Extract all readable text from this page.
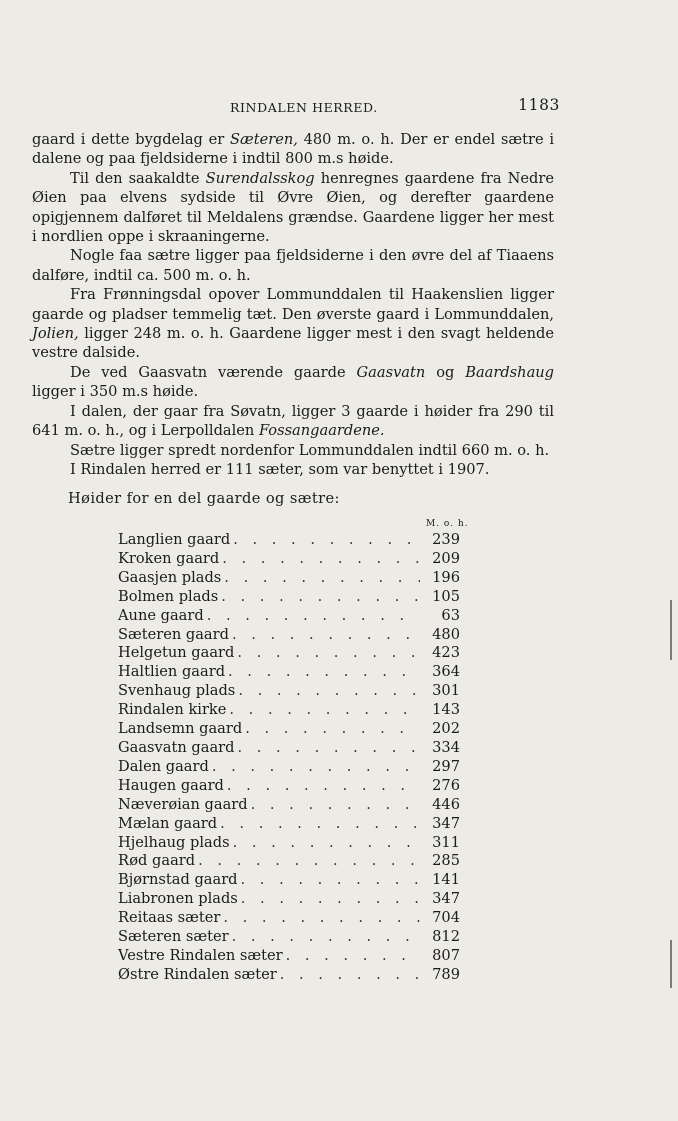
RINDALEN HERRED.	1183

gaard i dette bygdelag er Sæteren, 480 m. o. h. Der er endel sætre i dalene og paa fjeldsiderne i indtil 800 m.s høide.

Til den saakaldte Surendalsskog henregnes gaardene fra Nedre Øien paa elvens sydside til Øvre Øien, og derefter gaardene opigjennem dalføret til Meldalens grændse. Gaardene ligger her mest i nordlien oppe i skraaningerne.

Nogle faa sætre ligger paa fjeldsiderne i den øvre del af Tiaaens dalføre, indtil ca. 500 m. o. h.

Fra Frønningsdal opover Lommunddalen til Haakenslien ligger gaarde og pladser temmelig tæt. Den øverste gaard i Lommunddalen, Jolien, ligger 248 m. o. h. Gaardene ligger mest i den svagt heldende vestre dalside.

De ved Gaasvatn værende gaarde Gaasvatn og Baardshaug ligger i 350 m.s høide.

I dalen, der gaar fra Søvatn, ligger 3 gaarde i høider fra 290 til 641 m. o. h., og i Lerpolldalen Fossangaardene.

Sætre ligger spredt nordenfor Lommunddalen indtil 660 m. o. h.

I Rindalen herred er 111 sæter, som var benyttet i 1907.

Høider for en del gaarde og sætre:
M. o. h.
Langlien gaard . . .	239
Kroken gaard . . .	209
Gaasjen plads . . .	196
Bolmen plads . . .	105
Aune gaard . . .	63
Sæteren gaard . . .	480
Helgetun gaard . . .	423
Haltlien gaard . . .	364
Svenhaug plads . . .	301
Rindalen kirke . . .	143
Landsemn gaard . . .	202
Gaasvatn gaard . . .	334
Dalen gaard . . .	297
Haugen gaard . . .	276
Næverøian gaard . . .	446
Mælan gaard . . .	347
Hjelhaug plads . . .	311
Rød gaard . . .	285
Bjørnstad gaard . . .	141
Liabronen plads . . .	347
Reitaas sæter . . .	704
Sæteren sæter . . .	812
Vestre Rindalen sæter . . .	807
Østre Rindalen sæter . . .	789
